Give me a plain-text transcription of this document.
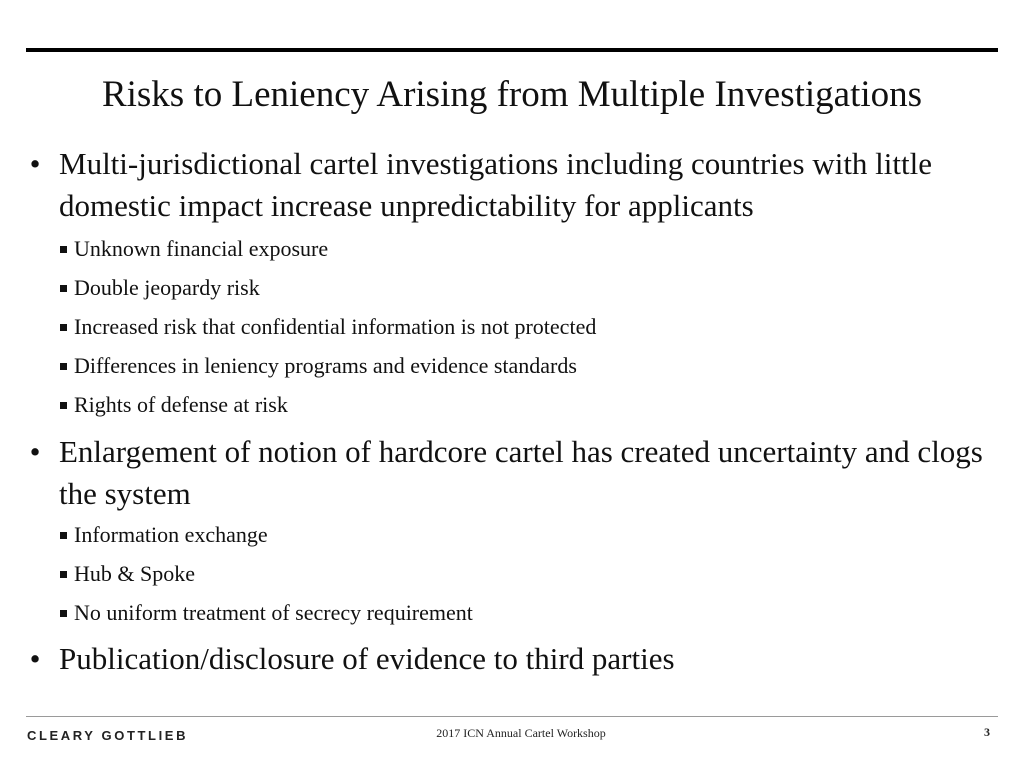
Risks to Leniency Arising from Multiple Investigations
• Multi-jurisdictional cartel investigations including countries with little domestic impact increase unpredictability for applicants
Unknown financial exposure
Double jeopardy risk
Increased risk that confidential information is not protected
Differences in leniency programs and evidence standards
Rights of defense at risk
• Enlargement of notion of hardcore cartel has created uncertainty and clogs the system
Information exchange
Hub & Spoke
No uniform treatment of secrecy requirement
• Publication/disclosure of evidence to third parties
CLEARY GOTTLIEB	2017 ICN Annual Cartel Workshop	3
